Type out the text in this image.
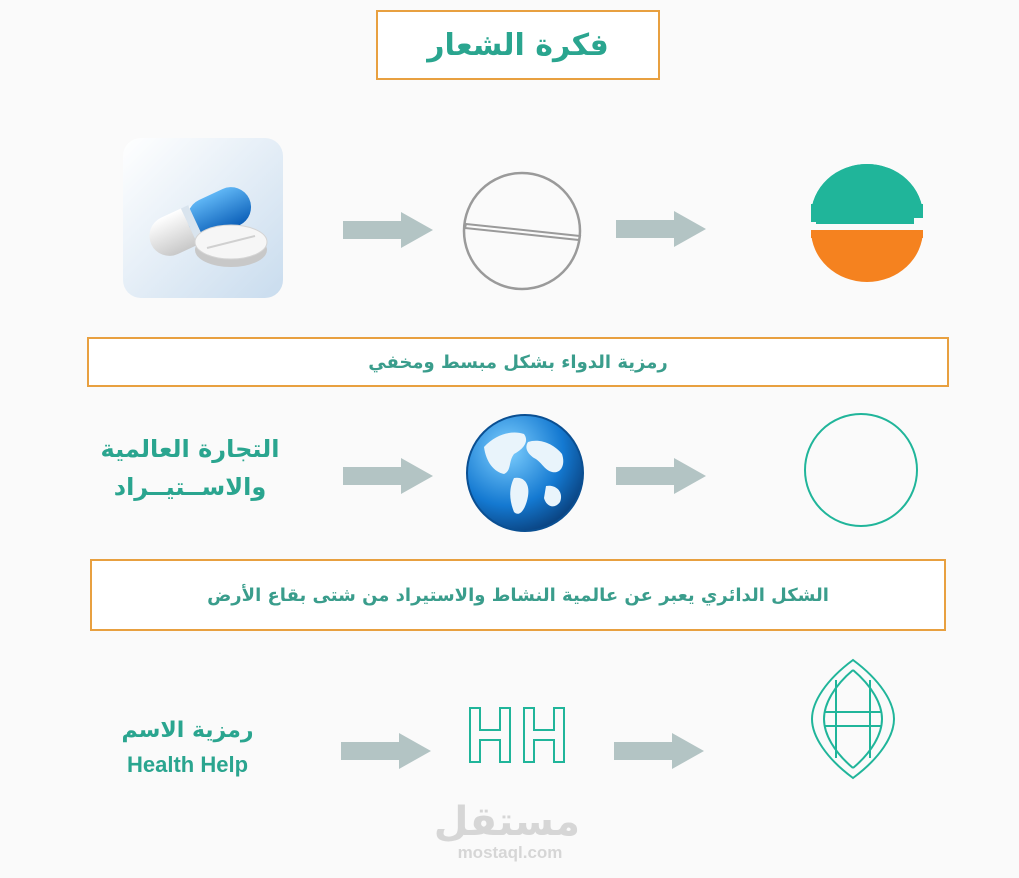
فكرة الشعار
رمزية الدواء بشكل مبسط ومخفي
التجارة العالمية
والاســتيــراد
الشكل الدائري يعبر عن عالمية النشاط والاستيراد من شتى بقاع الأرض
رمزية الاسم
Health Help
مستقل
mostaql.com
